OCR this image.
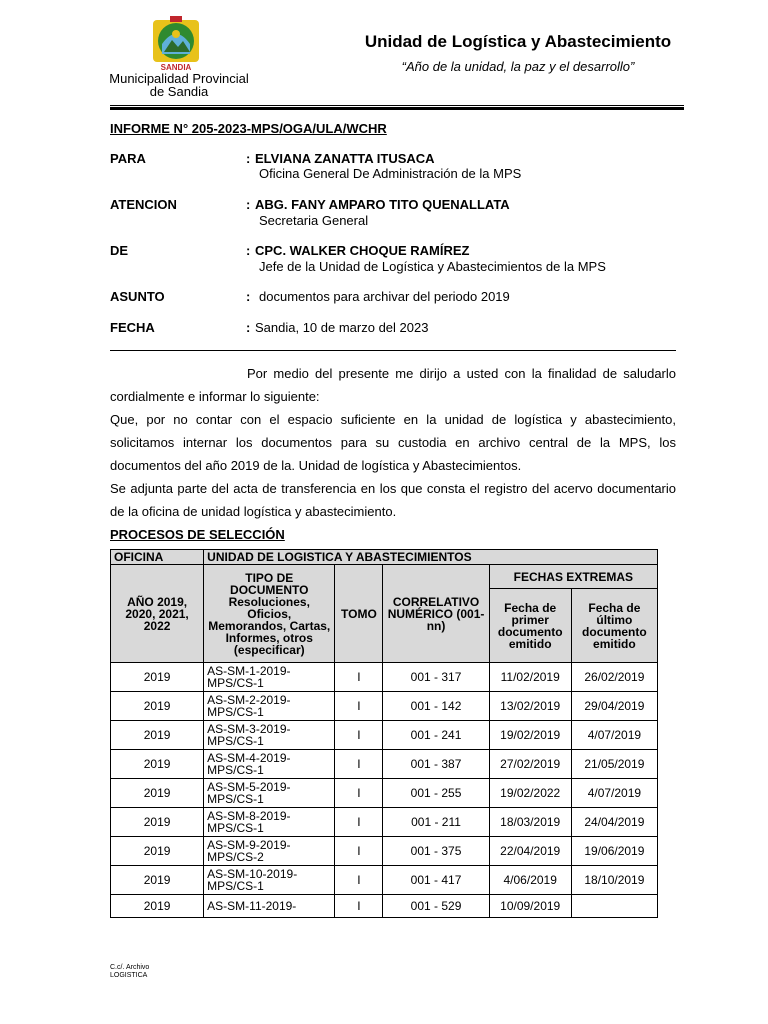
SANDIA
Municipalidad Provincial
de Sandia
Unidad de Logística y Abastecimiento
“Año de la unidad, la paz y el desarrollo”
INFORME N° 205-2023-MPS/OGA/ULA/WCHR
PARA	: ELVIANA ZANATTA ITUSACA
Oficina General De Administración de la MPS
ATENCION	: ABG. FANY AMPARO TITO QUENALLATA
Secretaria General
DE	: CPC. WALKER CHOQUE RAMÍREZ
Jefe de la Unidad de Logística y Abastecimientos de la MPS
ASUNTO	: documentos para archivar del periodo 2019
FECHA	: Sandia, 10 de marzo del 2023

Por medio del presente me dirijo a usted con la finalidad de saludarlo cordialmente e informar lo siguiente:

Que, por no contar con el espacio suficiente en la unidad de logística y abastecimiento, solicitamos internar los documentos para su custodia en archivo central de la MPS, los documentos del año 2019 de la. Unidad de logística y Abastecimientos.

Se adjunta parte del acta de transferencia en los que consta el registro del acervo documentario de la oficina de unidad logística y abastecimiento.

PROCESOS DE SELECCIÓN
OFICINA	UNIDAD DE LOGISTICA Y ABASTECIMIENTOS				
AÑO 2019, 2020, 2021, 2022	TIPO DE DOCUMENTO Resoluciones, Oficios, Memorandos, Cartas, Informes, otros (especificar)	TOMO	CORRELATIVO NUMÉRICO (001-nn)	FECHAS EXTREMAS	
				Fecha de primer documento emitido	Fecha de último documento emitido
2019	AS-SM-1-2019-MPS/CS-1	I	001 - 317	11/02/2019	26/02/2019
2019	AS-SM-2-2019-MPS/CS-1	I	001 - 142	13/02/2019	29/04/2019
2019	AS-SM-3-2019-MPS/CS-1	I	001 - 241	19/02/2019	4/07/2019
2019	AS-SM-4-2019-MPS/CS-1	I	001 - 387	27/02/2019	21/05/2019
2019	AS-SM-5-2019-MPS/CS-1	I	001 - 255	19/02/2022	4/07/2019
2019	AS-SM-8-2019-MPS/CS-1	I	001 - 211	18/03/2019	24/04/2019
2019	AS-SM-9-2019-MPS/CS-2	I	001 - 375	22/04/2019	19/06/2019
2019	AS-SM-10-2019-MPS/CS-1	I	001 - 417	4/06/2019	18/10/2019
2019	AS-SM-11-2019-	I	001 - 529	10/09/2019	
C.c/. Archivo
LOGISTICA
